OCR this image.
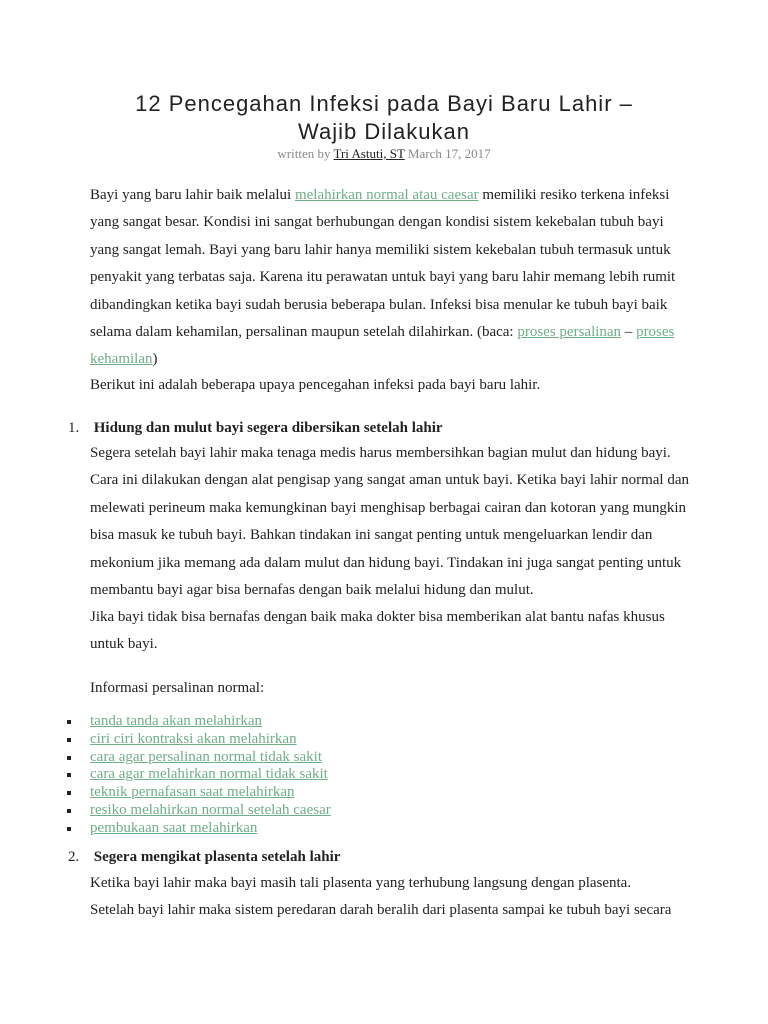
12 Pencegahan Infeksi pada Bayi Baru Lahir –
Wajib Dilakukan
written by Tri Astuti, ST March 17, 2017

Bayi yang baru lahir baik melalui melahirkan normal atau caesar memiliki resiko terkena infeksi yang sangat besar. Kondisi ini sangat berhubungan dengan kondisi sistem kekebalan tubuh bayi yang sangat lemah. Bayi yang baru lahir hanya memiliki sistem kekebalan tubuh termasuk untuk penyakit yang terbatas saja. Karena itu perawatan untuk bayi yang baru lahir memang lebih rumit dibandingkan ketika bayi sudah berusia beberapa bulan. Infeksi bisa menular ke tubuh bayi baik selama dalam kehamilan, persalinan maupun setelah dilahirkan. (baca: proses persalinan – proses kehamilan)

Berikut ini adalah beberapa upaya pencegahan infeksi pada bayi baru lahir.

1. Hidung dan mulut bayi segera dibersikan setelah lahir

Segera setelah bayi lahir maka tenaga medis harus membersihkan bagian mulut dan hidung bayi. Cara ini dilakukan dengan alat pengisap yang sangat aman untuk bayi. Ketika bayi lahir normal dan melewati perineum maka kemungkinan bayi menghisap berbagai cairan dan kotoran yang mungkin bisa masuk ke tubuh bayi. Bahkan tindakan ini sangat penting untuk mengeluarkan lendir dan mekonium jika memang ada dalam mulut dan hidung bayi. Tindakan ini juga sangat penting untuk membantu bayi agar bisa bernafas dengan baik melalui hidung dan mulut.

Jika bayi tidak bisa bernafas dengan baik maka dokter bisa memberikan alat bantu nafas khusus untuk bayi.

Informasi persalinan normal:

tanda tanda akan melahirkan
ciri ciri kontraksi akan melahirkan
cara agar persalinan normal tidak sakit
cara agar melahirkan normal tidak sakit
teknik pernafasan saat melahirkan
resiko melahirkan normal setelah caesar
pembukaan saat melahirkan
2. Segera mengikat plasenta setelah lahir

Ketika bayi lahir maka bayi masih tali plasenta yang terhubung langsung dengan plasenta.
Setelah bayi lahir maka sistem peredaran darah beralih dari plasenta sampai ke tubuh bayi secara
